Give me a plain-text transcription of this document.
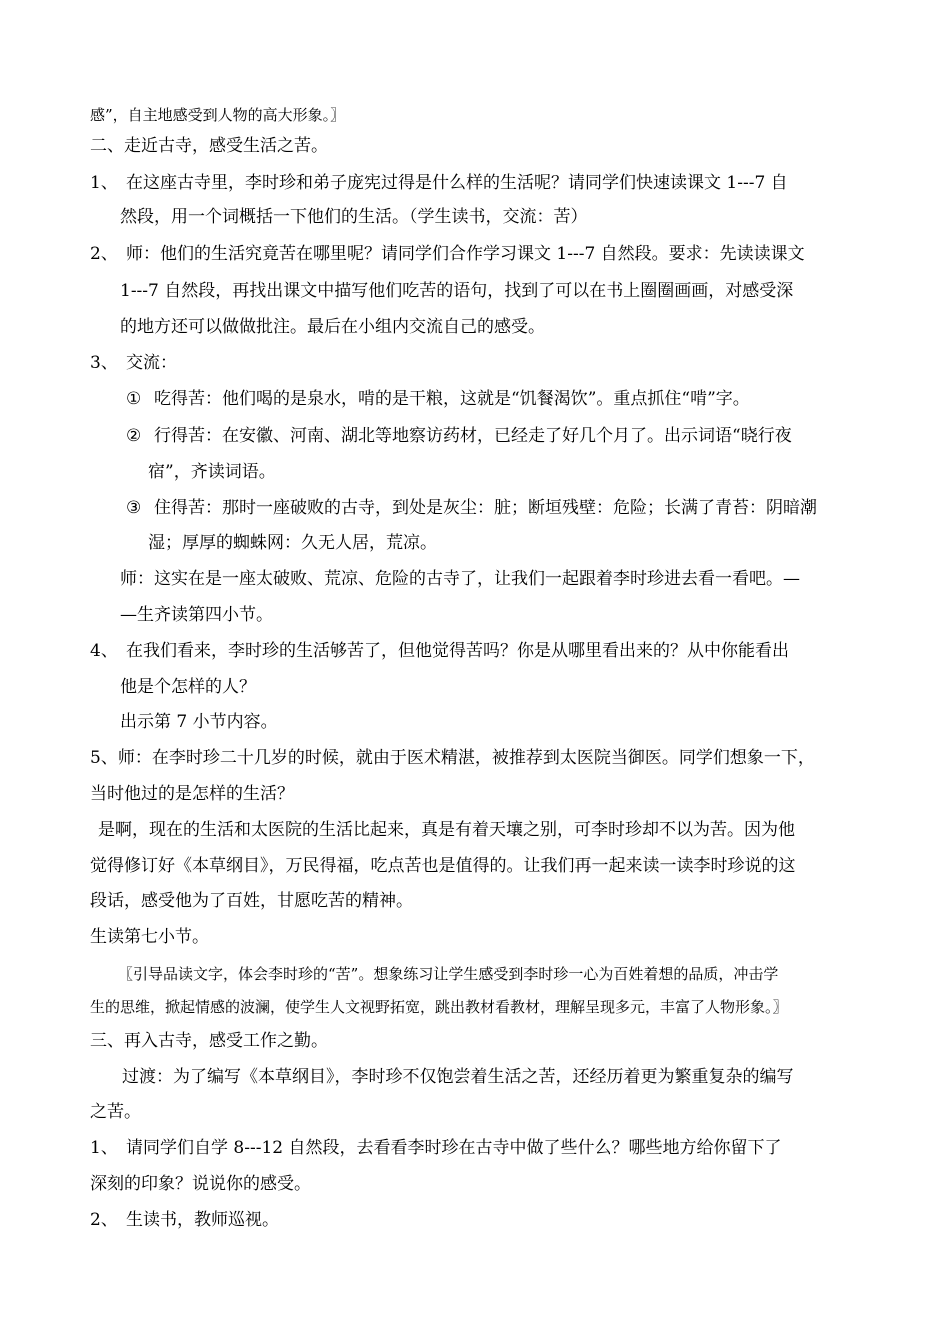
感”，自主地感受到人物的高大形象。〗
二、走近古寺，感受生活之苦。
1、 在这座古寺里，李时珍和弟子庞宪过得是什么样的生活呢？请同学们快速读课文 1---7 自
然段，用一个词概括一下他们的生活。（学生读书，交流：苦）
2、 师：他们的生活究竟苦在哪里呢？请同学们合作学习课文 1---7 自然段。要求：先读读课文
1---7 自然段，再找出课文中描写他们吃苦的语句，找到了可以在书上圈圈画画，对感受深
的地方还可以做做批注。最后在小组内交流自己的感受。
3、 交流：
① 吃得苦：他们喝的是泉水，啃的是干粮，这就是“饥餐渴饮”。重点抓住“啃”字。
② 行得苦：在安徽、河南、湖北等地察访药材，已经走了好几个月了。出示词语“晓行夜
宿”，齐读词语。
③ 住得苦：那时一座破败的古寺，到处是灰尘：脏；断垣残壁：危险；长满了青苔：阴暗潮
湿；厚厚的蜘蛛网：久无人居，荒凉。
师：这实在是一座太破败、荒凉、危险的古寺了，让我们一起跟着李时珍进去看一看吧。—
—生齐读第四小节。
4、 在我们看来，李时珍的生活够苦了，但他觉得苦吗？你是从哪里看出来的？从中你能看出
他是个怎样的人？
出示第 7 小节内容。
5、师：在李时珍二十几岁的时候，就由于医术精湛，被推荐到太医院当御医。同学们想象一下，
当时他过的是怎样的生活？
是啊，现在的生活和太医院的生活比起来，真是有着天壤之别，可李时珍却不以为苦。因为他
觉得修订好《本草纲目》，万民得福，吃点苦也是值得的。让我们再一起来读一读李时珍说的这
段话，感受他为了百姓，甘愿吃苦的精神。
生读第七小节。
〖引导品读文字，体会李时珍的“苦”。想象练习让学生感受到李时珍一心为百姓着想的品质，冲击学
生的思维，掀起情感的波澜，使学生人文视野拓宽，跳出教材看教材，理解呈现多元，丰富了人物形象。〗
三、再入古寺，感受工作之勤。
过渡：为了编写《本草纲目》，李时珍不仅饱尝着生活之苦，还经历着更为繁重复杂的编写
之苦。
1、 请同学们自学 8---12 自然段，去看看李时珍在古寺中做了些什么？哪些地方给你留下了
深刻的印象？说说你的感受。
2、 生读书，教师巡视。
